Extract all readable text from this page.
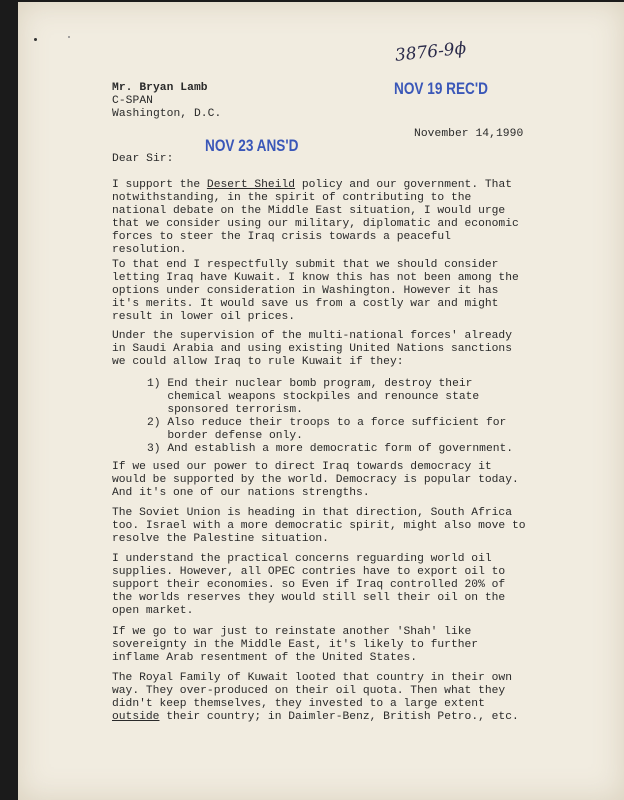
3876-9ϕ
NOV 19 REC'D
NOV 23 ANS'D
Mr. Bryan Lamb
C-SPAN
Washington, D.C.
November 14,1990
Dear Sir:
I support the Desert Sheild policy and our government. That
notwithstanding, in the spirit of contributing to the
national debate on the Middle East situation, I would urge
that we consider using our military, diplomatic and economic
forces to steer the Iraq crisis towards a peaceful
resolution.
To that end I respectfully submit that we should consider
letting Iraq have Kuwait. I know this has not been among the
options under consideration in Washington. However it has
it's merits. It would save us from a costly war and might
result in lower oil prices.
Under the supervision of the multi-national forces' already
in Saudi Arabia and using existing United Nations sanctions
we could allow Iraq to rule Kuwait if they:
1) End their nuclear bomb program, destroy their
chemical weapons stockpiles and renounce state
sponsored terrorism.
2) Also reduce their troops to a force sufficient for
border defense only.
3) And establish a more democratic form of government.
If we used our power to direct Iraq towards democracy it
would be supported by the world. Democracy is popular today.
And it's one of our nations strengths.
The Soviet Union is heading in that direction, South Africa
too. Israel with a more democratic spirit, might also move to
resolve the Palestine situation.
I understand the practical concerns reguarding world oil
supplies. However, all OPEC contries have to export oil to
support their economies. so Even if Iraq controlled 20% of
the worlds reserves they would still sell their oil on the
open market.
If we go to war just to reinstate another 'Shah' like
sovereignty in the Middle East, it's likely to further
inflame Arab resentment of the United States.
The Royal Family of Kuwait looted that country in their own
way. They over-produced on their oil quota. Then what they
didn't keep themselves, they invested to a large extent
outside their country; in Daimler-Benz, British Petro., etc.
